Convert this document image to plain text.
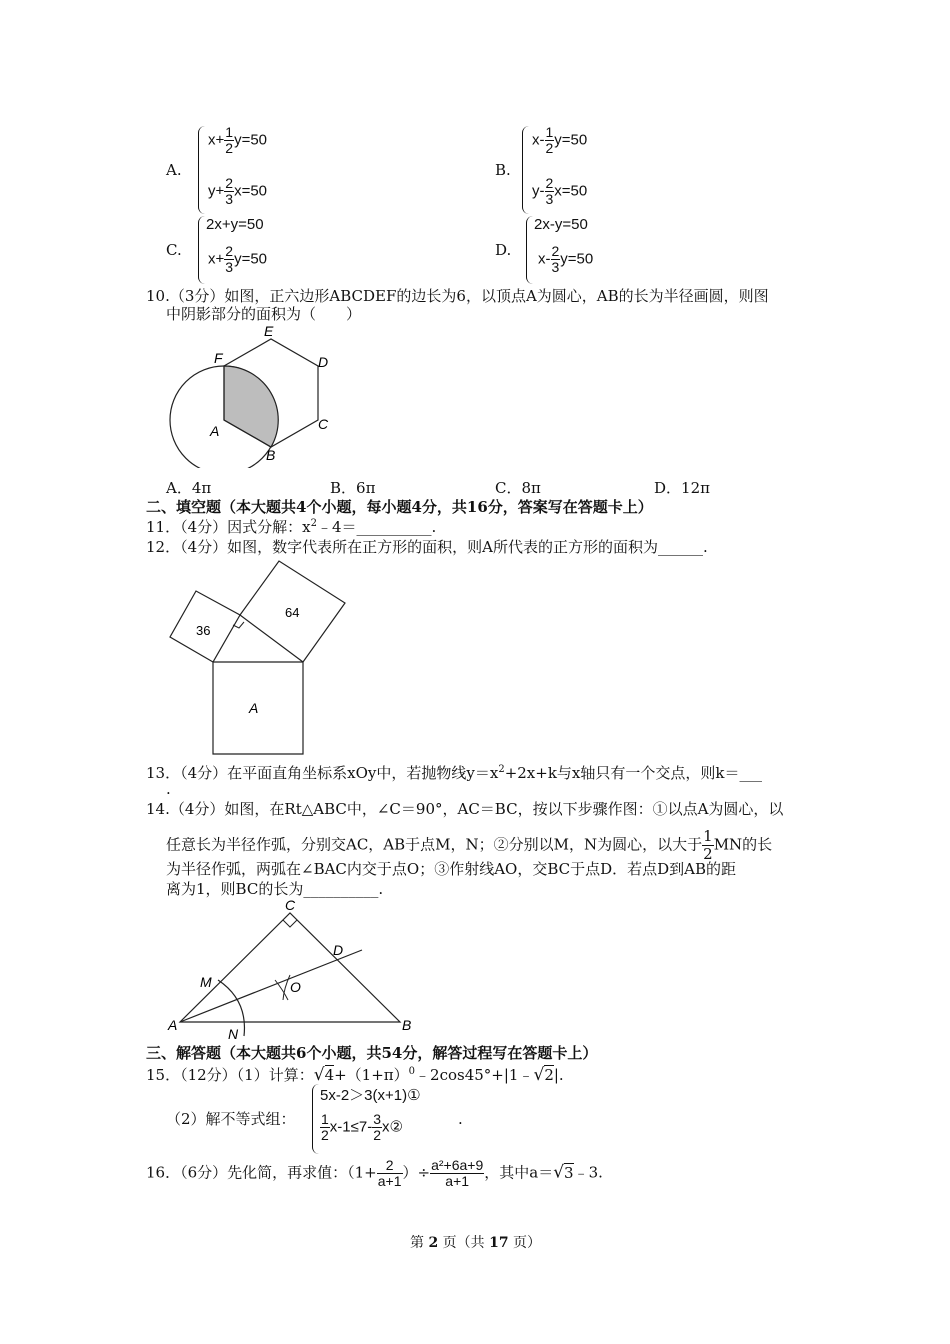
A.
$x+ \frac{1}{2} y=50$
$y+ \frac{2}{3} x=50$
B.
$x- \frac{1}{2} y=50$
$y- \frac{2}{3} x=50$
C.
2x+y=50
$x+ \frac{2}{3} y=50$	D.
2x-y=50
$x- \frac{2}{3} y=50$
10.（3分）如图，正六边形ABCDEF的边长为6，以顶点A为圆心，AB的长为半径画圆，则图
中阴影部分的面积为（　　）
E
F	D
A	C
B
A．4π	B．6π	C．8π	D．12π
二、填空题（本大题共4个小题，每小题4分，共16分，答案写在答题卡上）
11．（4分）因式分解：$x^2﹣4=\_\_\_\_\_\_\_\_\_\_$.
12．（4分）如图，数字代表所在正方形的面积，则A所代表的正方形的面积为______.
36
64
A
13．（4分）在平面直角坐标系xOy中，若抛物线$y=x^2+2x+k$与x轴只有一个交点，则k＝___
.
14.（4分）如图，在Rt△ABC中，∠C＝90°，AC＝BC，按以下步骤作图：①以点A为圆心，以
任意长为半径作弧，分别交AC，AB于点M，N；②分别以M，N为圆心，以大于 $\frac{1}{2}$ MN的长
为半径作弧，两弧在∠BAC内交于点O；③作射线AO，交BC于点D．若点D到AB的距
离为1，则BC的长为__________.
C
D
M	O
A
N
B
三、解答题（本大题共6个小题，共54分，解答过程写在答题卡上）
15．（12分）（1）计算：$√4+(1+\pi)^0﹣2\cos 45^\circ+|1﹣√2|$.
（2）解不等式组：
5x-2＞3(x+1)①
$\frac{1}{2} x-1\le 7- \frac{3}{2}$ x②	.
16．（6分）先化简，再求值：（$1+ \frac{2}{a+1}$ ）÷ $\frac{\text{a²+6a+9}}{a+1}$ ，其中a＝√3﹣3.
第 2 页（共 17 页）
